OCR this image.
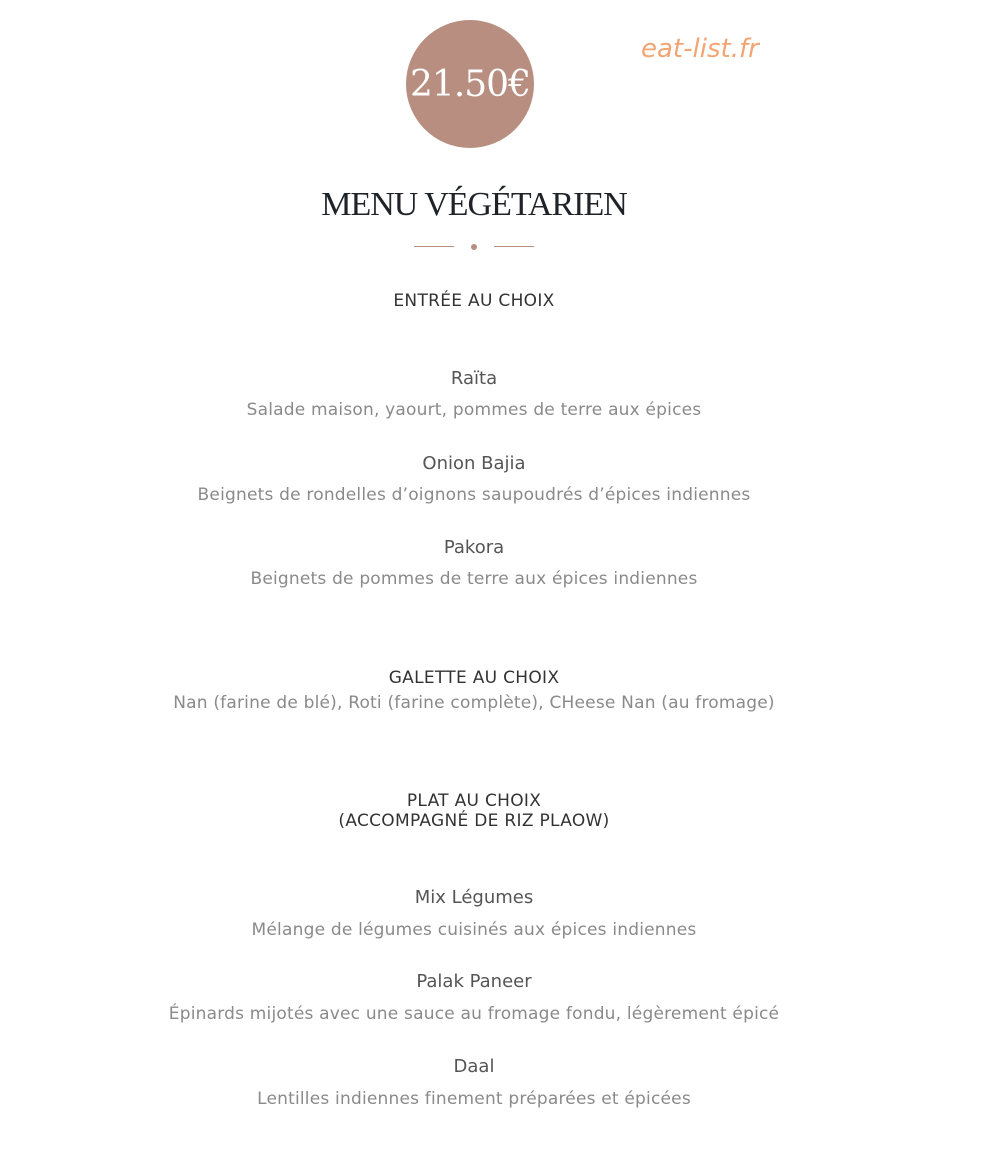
21.50€
eat-list.fr
MENU VÉGÉTARIEN
ENTRÉE AU CHOIX
Raïta
Salade maison, yaourt, pommes de terre aux épices
Onion Bajia
Beignets de rondelles d’oignons saupoudrés d’épices indiennes
Pakora
Beignets de pommes de terre aux épices indiennes
GALETTE AU CHOIX
Nan (farine de blé), Roti (farine complète), CHeese Nan (au fromage)
PLAT AU CHOIX
(ACCOMPAGNÉ DE RIZ PLAOW)
Mix Légumes
Mélange de légumes cuisinés aux épices indiennes
Palak Paneer
Épinards mijotés avec une sauce au fromage fondu, légèrement épicé
Daal
Lentilles indiennes finement préparées et épicées
